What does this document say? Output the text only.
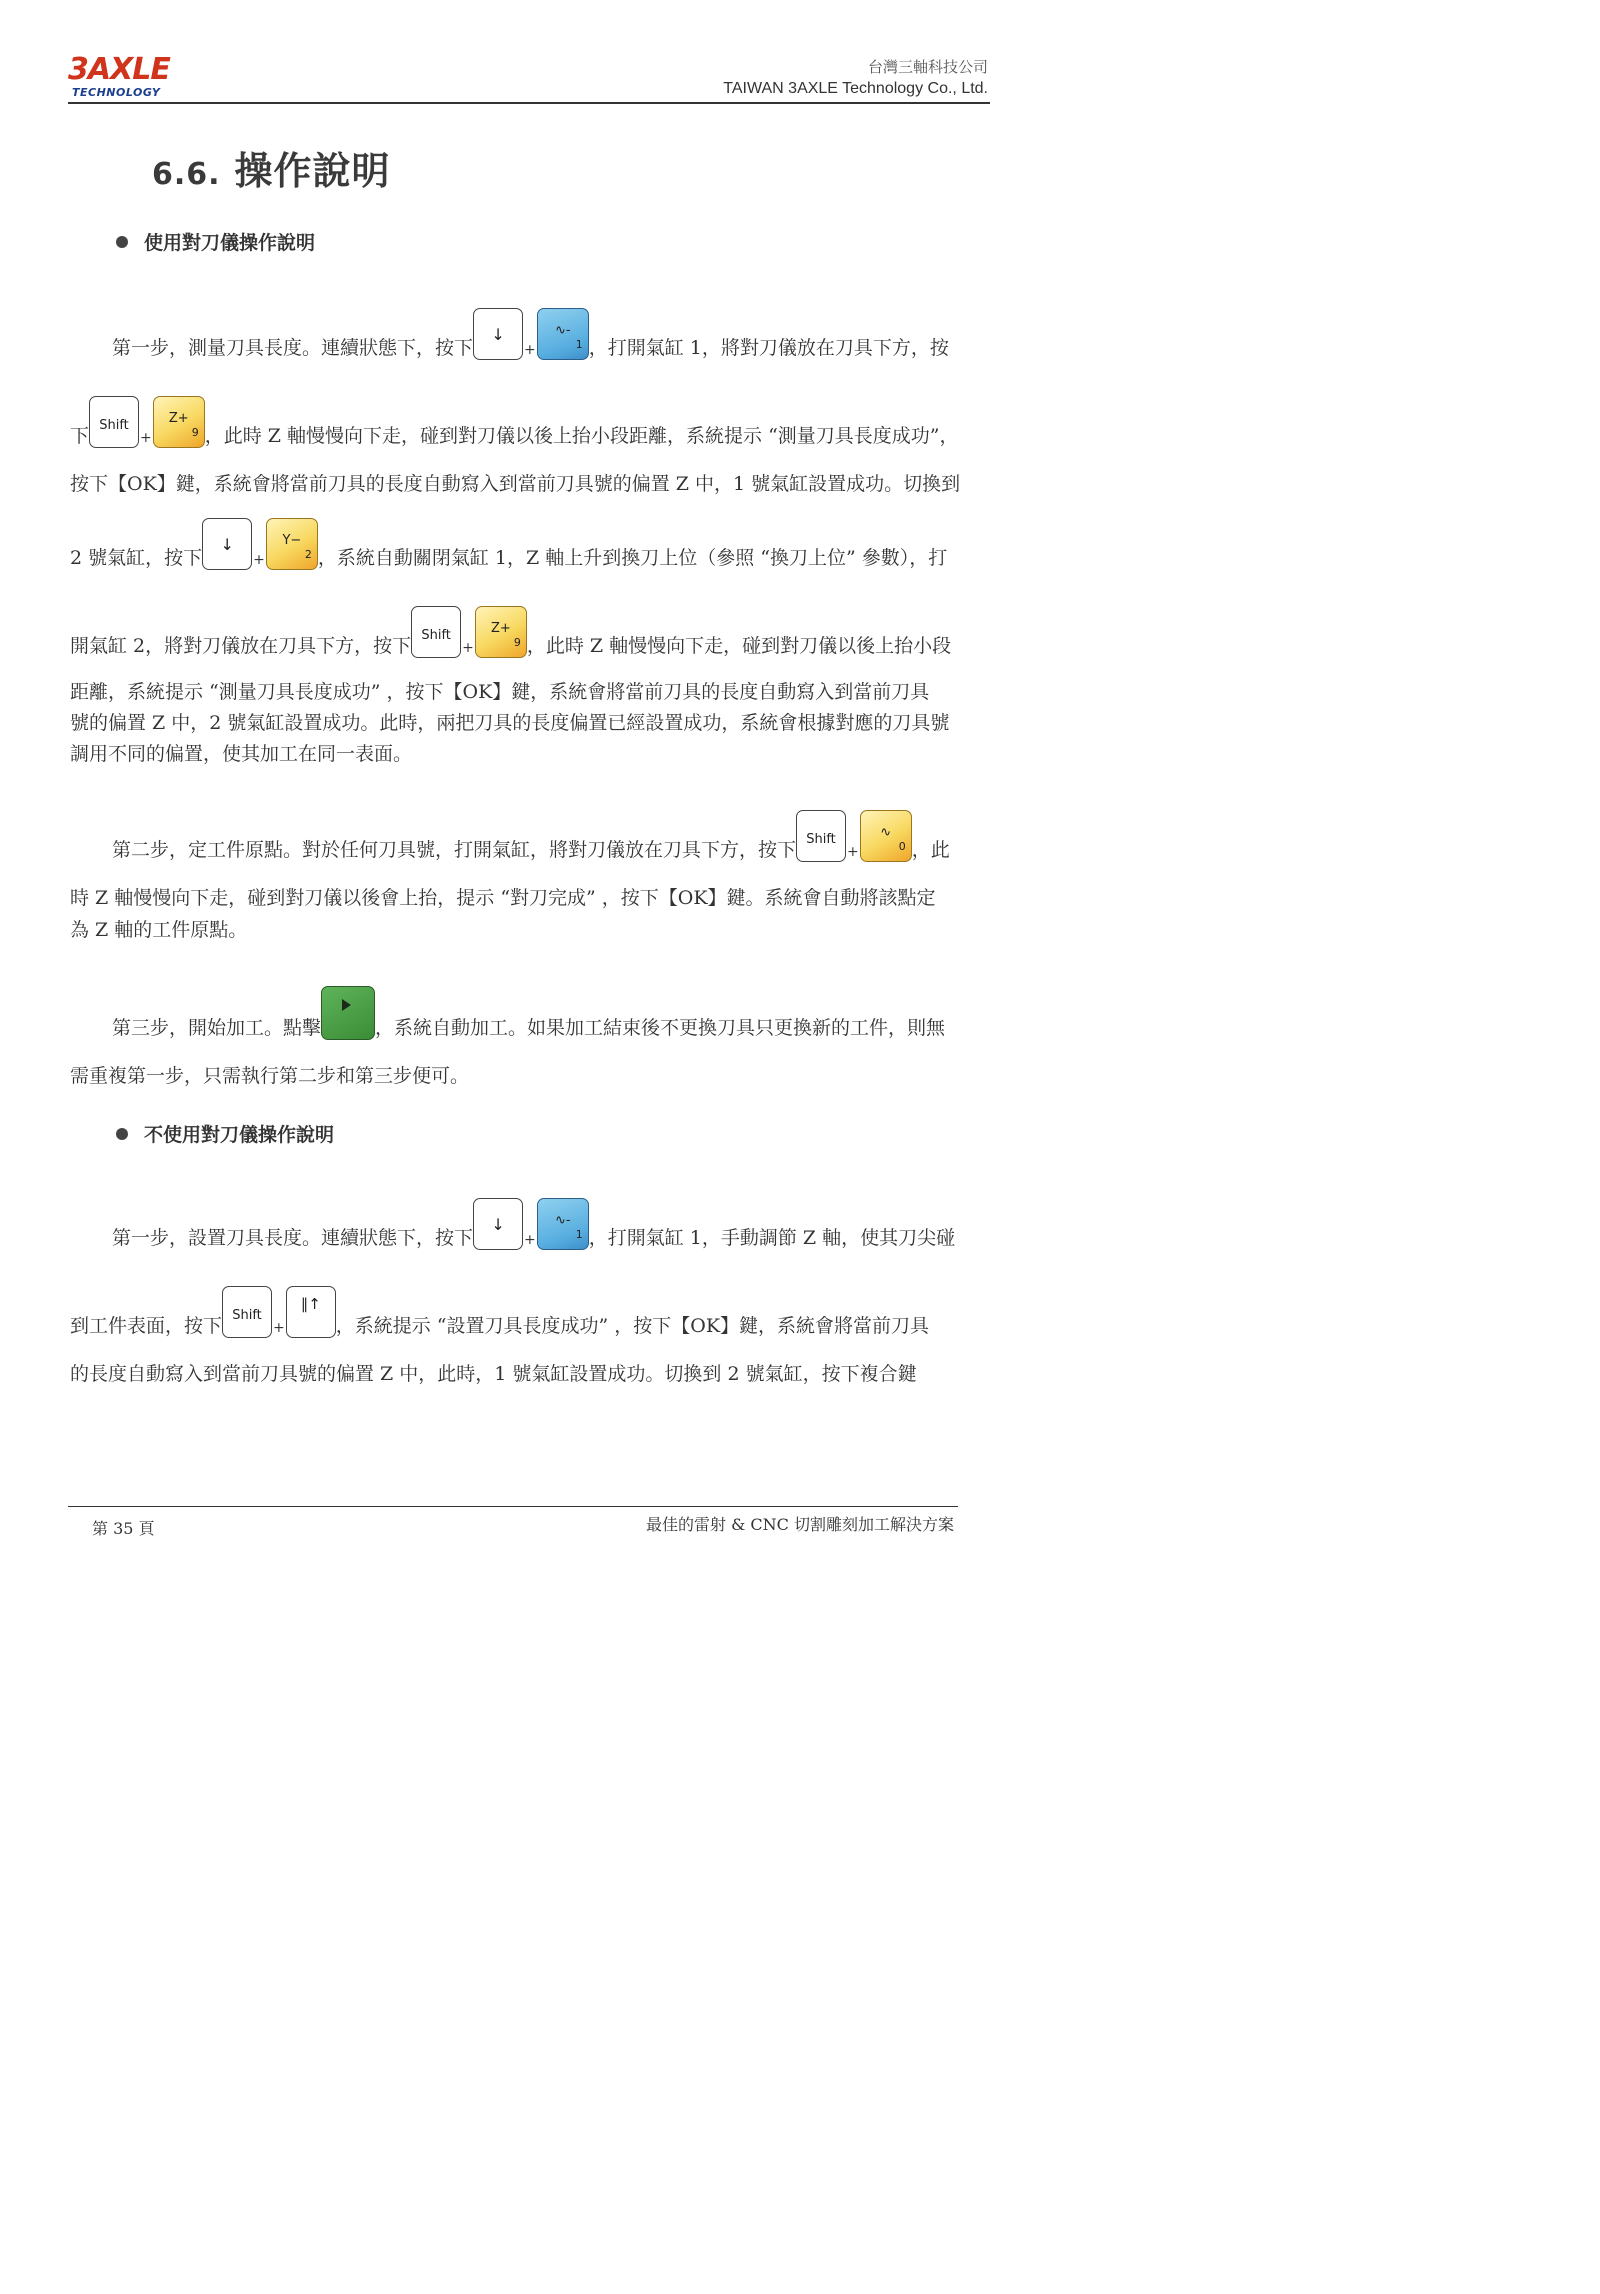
3AXLE
TECHNOLOGY
台灣三軸科技公司
TAIWAN 3AXLE Technology Co., Ltd.
6.6. 操作說明
使用對刀儀操作說明
第一步，測量刀具長度。連續狀態下，按下
↓
+
∿-
1 ，打開氣缸 1，將對刀儀放在刀具下方，按
下 Shift
+
Z+
9 ，此時 Z 軸慢慢向下走，碰到對刀儀以後上抬小段距離，系統提示 “測量刀具長度成功”，
按下【OK】鍵，系統會將當前刀具的長度自動寫入到當前刀具號的偏置 Z 中，1 號氣缸設置成功。切換到
2 號氣缸，按下
↓
+
Y−
2 ，系統自動關閉氣缸 1，Z 軸上升到換刀上位（參照 “換刀上位” 參數），打
開氣缸 2，將對刀儀放在刀具下方，按下 Shift
+
Z+
9 ，此時 Z 軸慢慢向下走，碰到對刀儀以後上抬小段
距離，系統提示 “測量刀具長度成功” ，按下【OK】鍵，系統會將當前刀具的長度自動寫入到當前刀具
號的偏置 Z 中，2 號氣缸設置成功。此時，兩把刀具的長度偏置已經設置成功，系統會根據對應的刀具號
調用不同的偏置，使其加工在同一表面。
第二步，定工件原點。對於任何刀具號，打開氣缸，將對刀儀放在刀具下方，按下 Shift
+
∿
0 ，此
時 Z 軸慢慢向下走，碰到對刀儀以後會上抬，提示 “對刀完成” ，按下【OK】鍵。系統會自動將該點定
為 Z 軸的工件原點。
第三步，開始加工。點擊	，系統自動加工。如果加工結束後不更換刀具只更換新的工件，則無
需重複第一步，只需執行第二步和第三步便可。
不使用對刀儀操作說明
第一步，設置刀具長度。連續狀態下，按下
↓
+
∿-
1 ，打開氣缸 1，手動調節 Z 軸，使其刀尖碰
到工件表面，按下 Shift
+
∥↑
，系統提示 “設置刀具長度成功” ，按下【OK】鍵，系統會將當前刀具
的長度自動寫入到當前刀具號的偏置 Z 中，此時，1 號氣缸設置成功。切換到 2 號氣缸，按下複合鍵
第 35 頁	最佳的雷射 & CNC 切割雕刻加工解決方案
